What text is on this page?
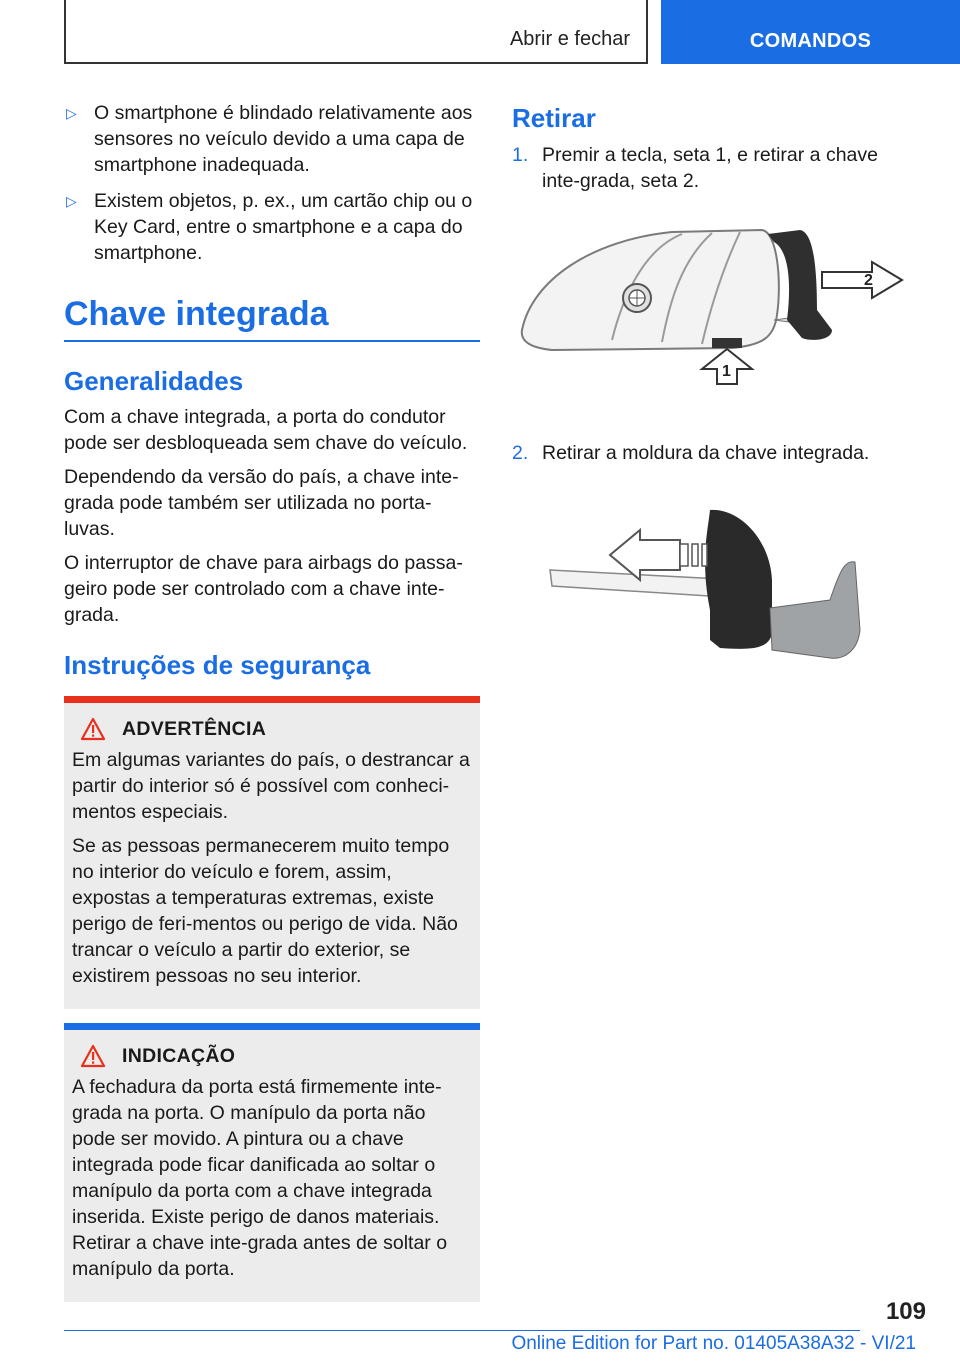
Abrir e fechar	COMANDOS
▷ O smartphone é blindado relativamente aos sensores no veículo devido a uma capa de smartphone inadequada.
▷ Existem objetos, p. ex., um cartão chip ou o Key Card, entre o smartphone e a capa do smartphone.
Chave integrada
Generalidades

Com a chave integrada, a porta do condutor pode ser desbloqueada sem chave do veículo.

Dependendo da versão do país, a chave inte-grada pode também ser utilizada no porta-luvas.

O interruptor de chave para airbags do passa-geiro pode ser controlado com a chave inte-grada.

Instruções de segurança
ADVERTÊNCIA

Em algumas variantes do país, o destrancar a partir do interior só é possível com conheci-mentos especiais.

Se as pessoas permanecerem muito tempo no interior do veículo e forem, assim, expostas a temperaturas extremas, existe perigo de feri-mentos ou perigo de vida. Não trancar o veículo a partir do exterior, se existirem pessoas no seu interior.

INDICAÇÃO

A fechadura da porta está firmemente inte-grada na porta. O manípulo da porta não pode ser movido. A pintura ou a chave integrada pode ficar danificada ao soltar o manípulo da porta com a chave integrada inserida. Existe perigo de danos materiais. Retirar a chave inte-grada antes de soltar o manípulo da porta.

Retirar
1. Premir a tecla, seta 1, e retirar a chave inte-grada, seta 2.
2
1
2. Retirar a moldura da chave integrada.
109
Online Edition for Part no. 01405A38A32 - VI/21
